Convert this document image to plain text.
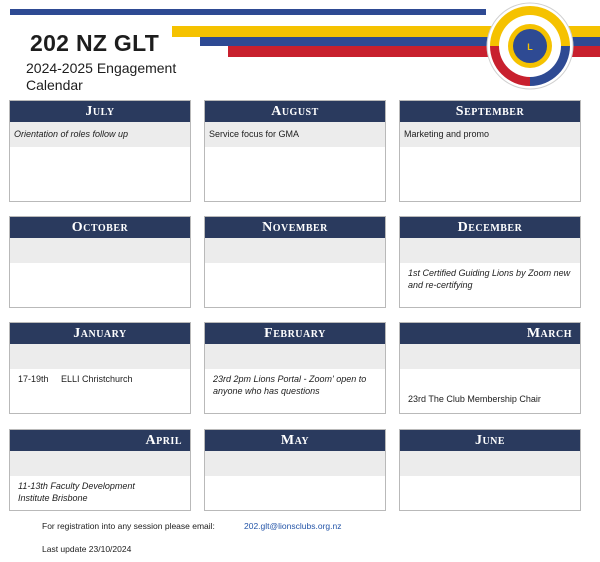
L
202 NZ GLT
2024-2025 Engagement
Calendar
July
Orientation of roles follow up
August
Service focus for GMA
September
Marketing and promo
October	November	December
1st Certified Guiding Lions by Zoom new and re-certifying
January
17-19th     ELLI Christchurch
February
23rd 2pm Lions Portal - Zoom' open to anyone who has questions
March
23rd The Club Membership Chair
April
11-13th Faculty Development Institute Brisbone
May	June
For registration into any session please email:	202.glt@lionsclubs.org.nz
Last update 23/10/2024
